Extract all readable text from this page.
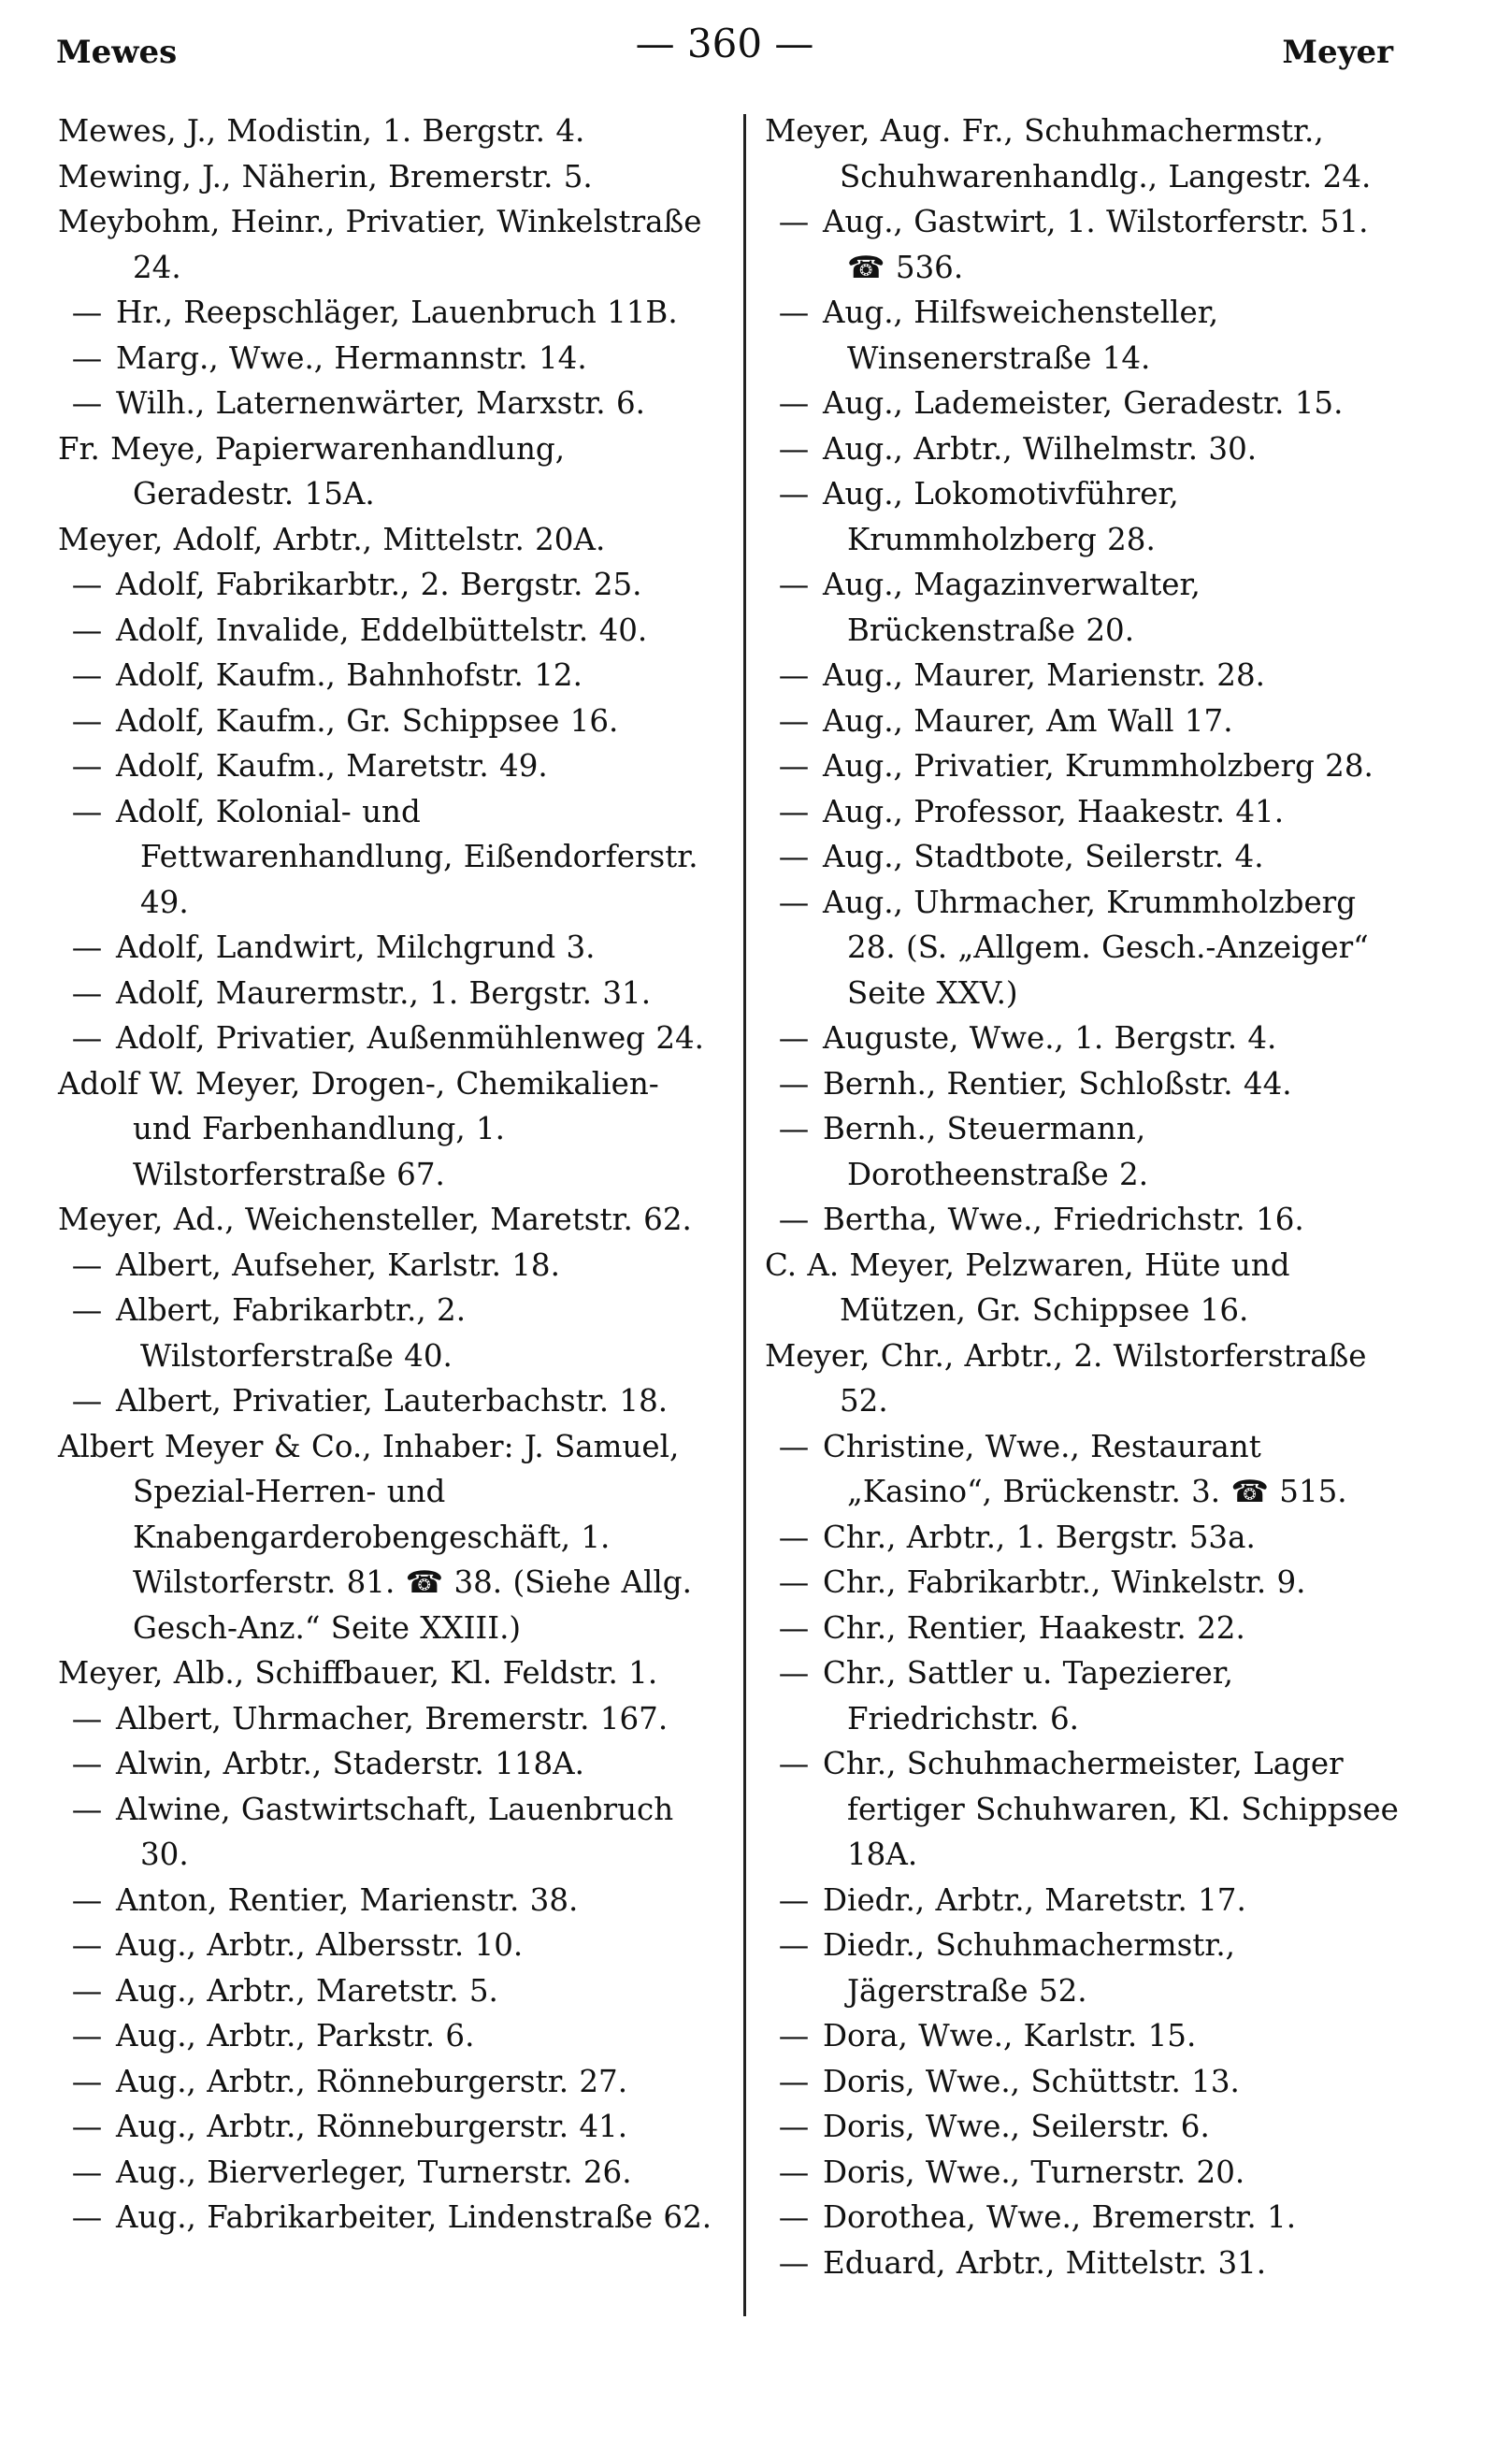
Mewes	— 360 —	Meyer
Mewes, J., Modistin, 1. Bergstr. 4.
Mewing, J., Näherin, Bremerstr. 5.
Meybohm, Heinr., Privatier, Winkelstraße 24.
— Hr., Reepschläger, Lauenbruch 11B.
— Marg., Wwe., Hermannstr. 14.
— Wilh., Laternenwärter, Marxstr. 6.
Fr. Meye, Papierwarenhandlung, Geradestr. 15A.
Meyer, Adolf, Arbtr., Mittelstr. 20A.
— Adolf, Fabrikarbtr., 2. Bergstr. 25.
— Adolf, Invalide, Eddelbüttelstr. 40.
— Adolf, Kaufm., Bahnhofstr. 12.
— Adolf, Kaufm., Gr. Schippsee 16.
— Adolf, Kaufm., Maretstr. 49.
— Adolf, Kolonial- und Fettwarenhandlung, Eißendorferstr. 49.
— Adolf, Landwirt, Milchgrund 3.
— Adolf, Maurermstr., 1. Bergstr. 31.
— Adolf, Privatier, Außenmühlenweg 24.
Adolf W. Meyer, Drogen-, Chemikalien- und Farbenhandlung, 1. Wilstorferstraße 67.
Meyer, Ad., Weichensteller, Maretstr. 62.
— Albert, Aufseher, Karlstr. 18.
— Albert, Fabrikarbtr., 2. Wilstorferstraße 40.
— Albert, Privatier, Lauterbachstr. 18.
Albert Meyer & Co., Inhaber: J. Samuel, Spezial-Herren- und Knabengarderobengeschäft, 1. Wilstorferstr. 81. ☎ 38. (Siehe Allg. Gesch-Anz.“ Seite XXIII.)
Meyer, Alb., Schiffbauer, Kl. Feldstr. 1.
— Albert, Uhrmacher, Bremerstr. 167.
— Alwin, Arbtr., Staderstr. 118A.
— Alwine, Gastwirtschaft, Lauenbruch 30.
— Anton, Rentier, Marienstr. 38.
— Aug., Arbtr., Albersstr. 10.
— Aug., Arbtr., Maretstr. 5.
— Aug., Arbtr., Parkstr. 6.
— Aug., Arbtr., Rönneburgerstr. 27.
— Aug., Arbtr., Rönneburgerstr. 41.
— Aug., Bierverleger, Turnerstr. 26.
— Aug., Fabrikarbeiter, Lindenstraße 62.
Meyer, Aug. Fr., Schuhmachermstr., Schuhwarenhandlg., Langestr. 24.
— Aug., Gastwirt, 1. Wilstorferstr. 51. ☎ 536.
— Aug., Hilfsweichensteller, Winsenerstraße 14.
— Aug., Lademeister, Geradestr. 15.
— Aug., Arbtr., Wilhelmstr. 30.
— Aug., Lokomotivführer, Krummholzberg 28.
— Aug., Magazinverwalter, Brückenstraße 20.
— Aug., Maurer, Marienstr. 28.
— Aug., Maurer, Am Wall 17.
— Aug., Privatier, Krummholzberg 28.
— Aug., Professor, Haakestr. 41.
— Aug., Stadtbote, Seilerstr. 4.
— Aug., Uhrmacher, Krummholzberg 28. (S. „Allgem. Gesch.-Anzeiger“ Seite XXV.)
— Auguste, Wwe., 1. Bergstr. 4.
— Bernh., Rentier, Schloßstr. 44.
— Bernh., Steuermann, Dorotheenstraße 2.
— Bertha, Wwe., Friedrichstr. 16.
C. A. Meyer, Pelzwaren, Hüte und Mützen, Gr. Schippsee 16.
Meyer, Chr., Arbtr., 2. Wilstorferstraße 52.
— Christine, Wwe., Restaurant „Kasino“, Brückenstr. 3. ☎ 515.
— Chr., Arbtr., 1. Bergstr. 53a.
— Chr., Fabrikarbtr., Winkelstr. 9.
— Chr., Rentier, Haakestr. 22.
— Chr., Sattler u. Tapezierer, Friedrichstr. 6.
— Chr., Schuhmachermeister, Lager fertiger Schuhwaren, Kl. Schippsee 18A.
— Diedr., Arbtr., Maretstr. 17.
— Diedr., Schuhmachermstr., Jägerstraße 52.
— Dora, Wwe., Karlstr. 15.
— Doris, Wwe., Schüttstr. 13.
— Doris, Wwe., Seilerstr. 6.
— Doris, Wwe., Turnerstr. 20.
— Dorothea, Wwe., Bremerstr. 1.
— Eduard, Arbtr., Mittelstr. 31.
